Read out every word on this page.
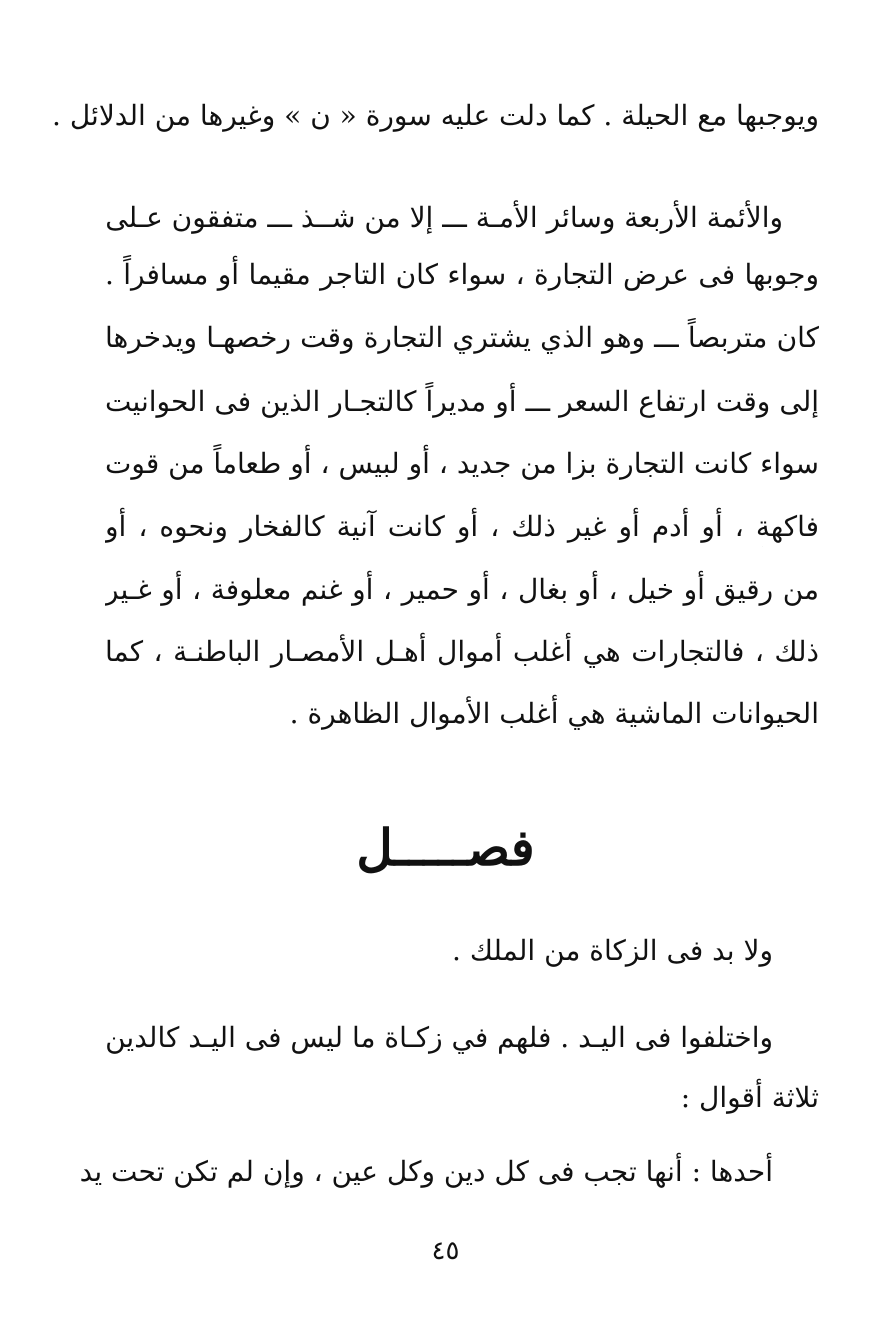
ويوجبها مع الحيلة . كما دلت عليه سورة « ن » وغيرها من الدلائل .
والأئمة الأربعة وسائر الأمـة ـــ إلا من شــذ ـــ متفقون عـلى
وجوبها فى عرض التجارة ، سواء كان التاجر مقيما أو مسافراً .
كان متربصاً ـــ وهو الذي يشتري التجارة وقت رخصهـا ويدخرها
إلى وقت ارتفاع السعر ـــ أو مديراً كالتجـار الذين فى الحوانيت
سواء كانت التجارة بزا من جديد ، أو لبيس ، أو طعاماً من قوت
فاكهة ، أو أدم أو غير ذلك ، أو كانت آنية كالفخار ونحوه ، أو
من رقيق أو خيل ، أو بغال ، أو حمير ، أو غنم معلوفة ، أو غـير
ذلك ، فالتجارات هي أغلب أموال أهـل الأمصـار الباطنـة ، كما
الحيوانات الماشية هي أغلب الأموال الظاهرة .
فصـــــل
ولا بد فى الزكاة من الملك .
واختلفوا فى اليـد . فلهم في زكـاة ما ليس فى اليـد كالدين
ثلاثة أقوال :
أحدها : أنها تجب فى كل دين وكل عين ، وإن لم تكن تحت يد
٤٥
